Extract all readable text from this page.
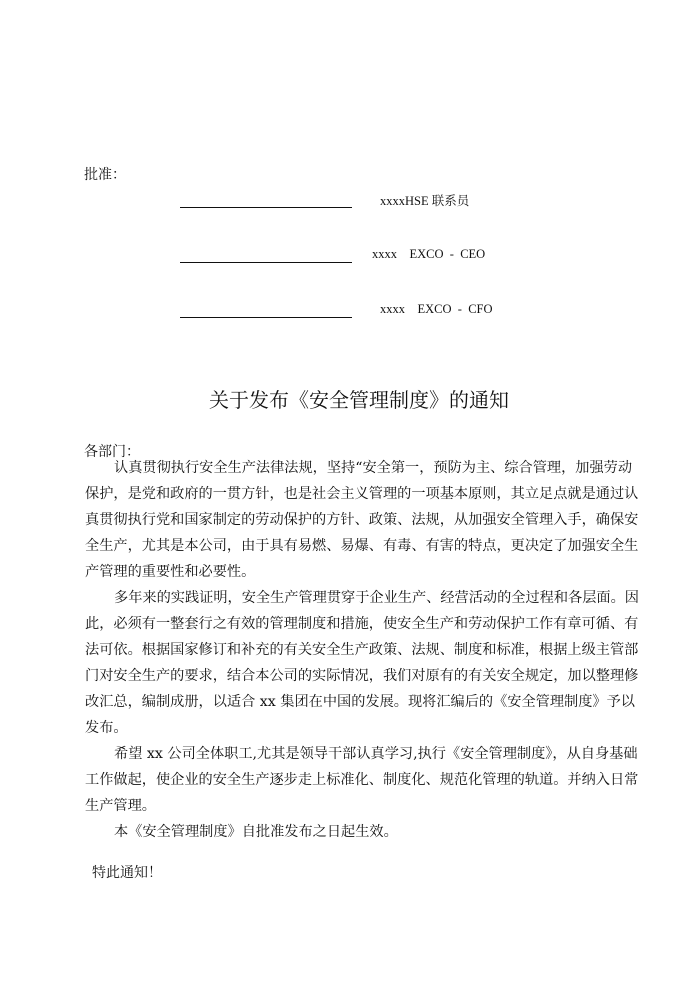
批准：
xxxxHSE 联系员
xxxx    EXCO  -  CEO
xxxx    EXCO  -  CFO
关于发布《安全管理制度》的通知
各部门：
认真贯彻执行安全生产法律法规，坚持“安全第一，预防为主、综合管理，加强劳动
保护，是党和政府的一贯方针，也是社会主义管理的一项基本原则，其立足点就是通过认
真贯彻执行党和国家制定的劳动保护的方针、政策、法规，从加强安全管理入手，确保安
全生产，尤其是本公司，由于具有易燃、易爆、有毒、有害的特点，更决定了加强安全生
产管理的重要性和必要性。
多年来的实践证明，安全生产管理贯穿于企业生产、经营活动的全过程和各层面。因
此，必须有一整套行之有效的管理制度和措施，使安全生产和劳动保护工作有章可循、有
法可依。根据国家修订和补充的有关安全生产政策、法规、制度和标准，根据上级主管部
门对安全生产的要求，结合本公司的实际情况，我们对原有的有关安全规定，加以整理修
改汇总，编制成册，以适合 xx 集团在中国的发展。现将汇编后的《安全管理制度》予以
发布。
希望 xx 公司全体职工,尤其是领导干部认真学习,执行《安全管理制度》，从自身基础
工作做起，使企业的安全生产逐步走上标准化、制度化、规范化管理的轨道。并纳入日常
生产管理。
本《安全管理制度》自批准发布之日起生效。
特此通知！
